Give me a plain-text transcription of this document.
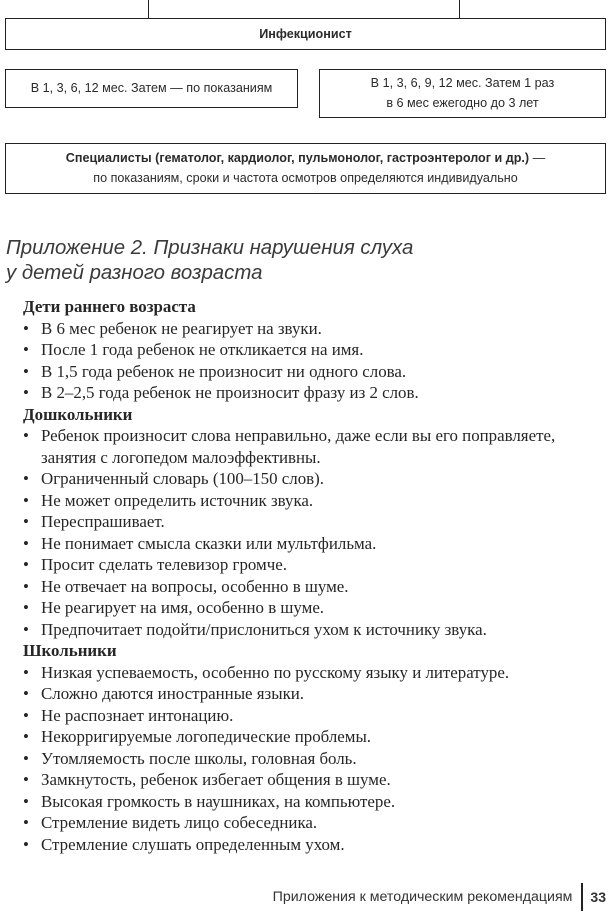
Инфекционист
В 1, 3, 6, 12 мес. Затем — по показаниям	В 1, 3, 6, 9, 12 мес. Затем 1 раз
в 6 мес ежегодно до 3 лет
Специалисты (гематолог, кардиолог, пульмонолог, гастроэнтеролог и др.) —
по показаниям, сроки и частота осмотров определяются индивидуально
Приложение 2. Признаки нарушения слуха
у детей разного возраста
Дети раннего возраста
• В 6 мес ребенок не реагирует на звуки.
• После 1 года ребенок не откликается на имя.
• В 1,5 года ребенок не произносит ни одного слова.
• В 2–2,5 года ребенок не произносит фразу из 2 слов.
Дошкольники
• Ребенок произносит слова неправильно, даже если вы его поправляете, занятия с логопедом малоэффективны.
• Ограниченный словарь (100–150 слов).
• Не может определить источник звука.
• Переспрашивает.
• Не понимает смысла сказки или мультфильма.
• Просит сделать телевизор громче.
• Не отвечает на вопросы, особенно в шуме.
• Не реагирует на имя, особенно в шуме.
• Предпочитает подойти/прислониться ухом к источнику звука.
Школьники
• Низкая успеваемость, особенно по русскому языку и литературе.
• Сложно даются иностранные языки.
• Не распознает интонацию.
• Некорригируемые логопедические проблемы.
• Утомляемость после школы, головная боль.
• Замкнутость, ребенок избегает общения в шуме.
• Высокая громкость в наушниках, на компьютере.
• Стремление видеть лицо собеседника.
• Стремление слушать определенным ухом.
Приложения к методическим рекомендациям 33
